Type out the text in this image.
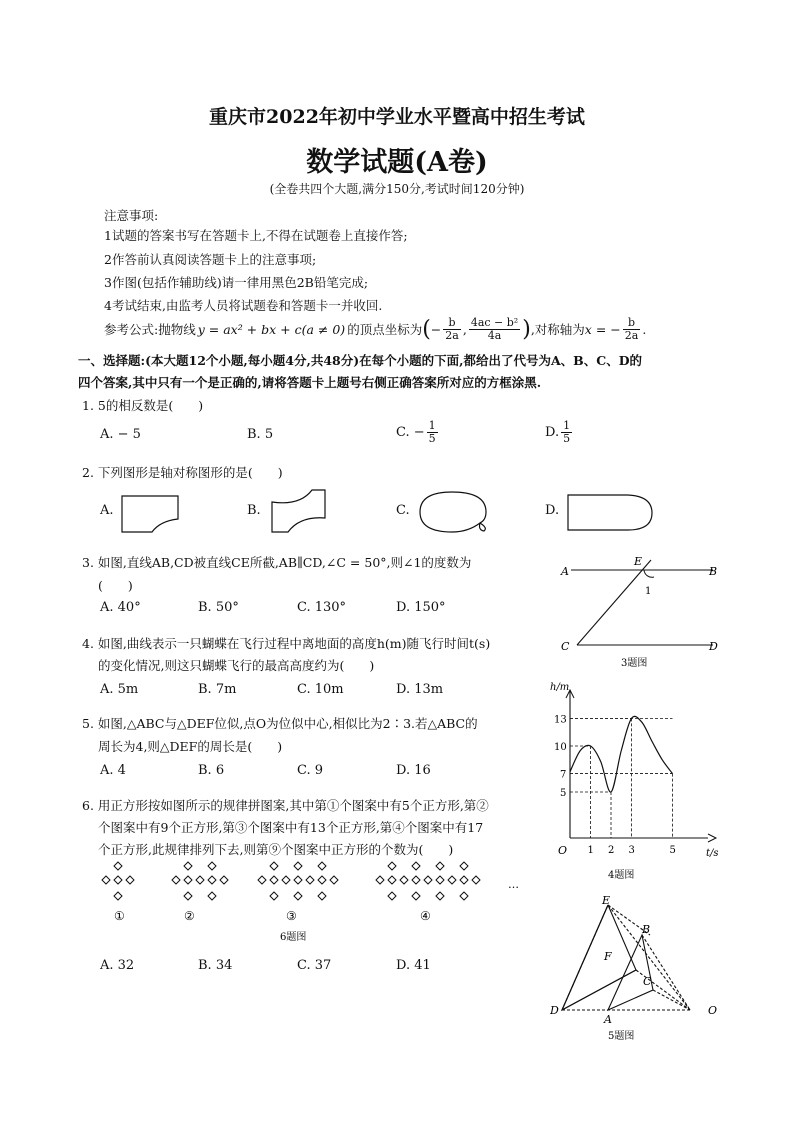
重庆市2022年初中学业水平暨高中招生考试
数学试题(A卷)
(全卷共四个大题,满分150分,考试时间120分钟)
注意事项:
1试题的答案书写在答题卡上,不得在试题卷上直接作答;
2作答前认真阅读答题卡上的注意事项;
3作图(包括作辅助线)请一律用黑色2B铅笔完成;
4考试结束,由监考人员将试题卷和答题卡一并收回.
参考公式:抛物线 y = ax² + bx + c(a ≠ 0) 的顶点坐标为 ( − $\frac{b}{2a}$ , $\frac{\text{4ac − b²}}{4a}$ ) ,对称轴为 x = − $\frac{b}{2a}$ .
一、选择题:(本大题12个小题,每小题4分,共48分)在每个小题的下面,都给出了代号为A、B、C、D的
四个答案,其中只有一个是正确的,请将答题卡上题号右侧正确答案所对应的方框涂黑.
1. 5的相反数是(　　)
A. − 5	B. 5	C. − $\frac{1}{5}$	D. $\frac{1}{5}$
2. 下列图形是轴对称图形的是(　　)
A.	B.	C.	D.
3. 如图,直线AB,CD被直线CE所截,AB∥CD,∠C = 50°,则∠1的度数为
(　　)
A. 40°	B. 50°	C. 130°	D. 150°
A	B
C	D
E
1
3题图
4. 如图,曲线表示一只蝴蝶在飞行过程中离地面的高度h(m)随飞行时间t(s)
的变化情况,则这只蝴蝶飞行的最高高度约为(　　)
A. 5m	B. 7m	C. 10m	D. 13m
1 2 3	5
5
7
10
13
h/m
t/s
O
4题图
5. 如图,△ABC与△DEF位似,点O为位似中心,相似比为2∶3.若△ABC的
周长为4,则△DEF的周长是(　　)
A. 4	B. 6	C. 9	D. 16
6. 用正方形按如图所示的规律拼图案,其中第①个图案中有5个正方形,第②
个图案中有9个正方形,第③个图案中有13个正方形,第④个图案中有17
个正方形,此规律排列下去,则第⑨个图案中正方形的个数为(　　)
…
①	②	③	④
6题图
A. 32	B. 34	C. 37	D. 41
E
B
F
C
D
A
O
5题图
